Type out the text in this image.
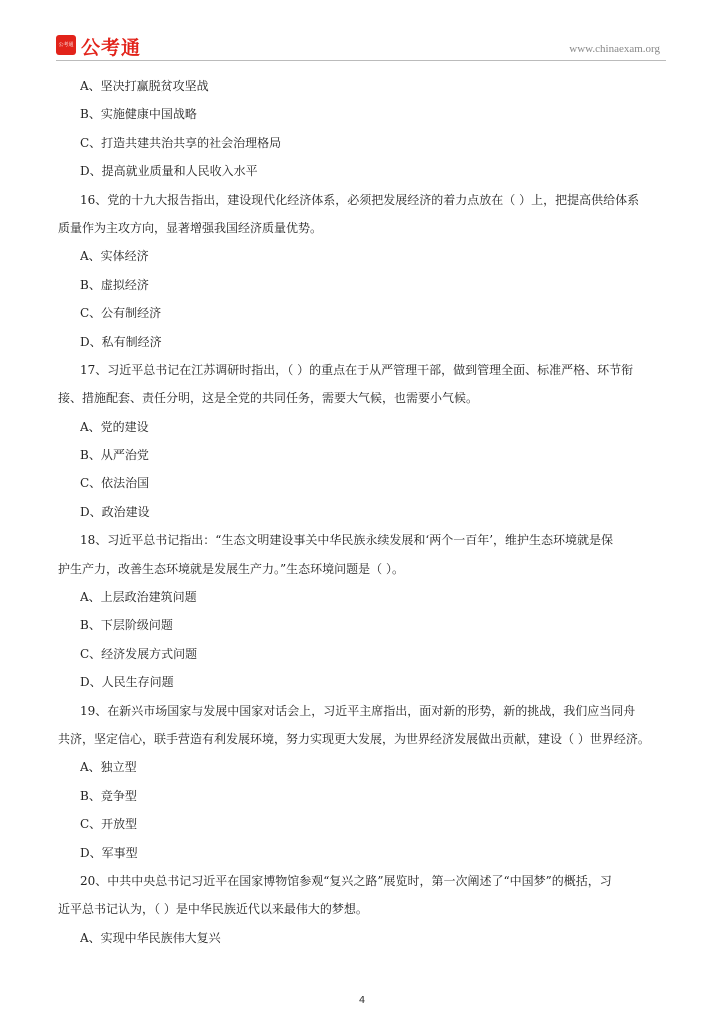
公考通 公考通	www.chinaexam.org
A、坚决打赢脱贫攻坚战
B、实施健康中国战略
C、打造共建共治共享的社会治理格局
D、提高就业质量和人民收入水平
16、党的十九大报告指出，建设现代化经济体系，必须把发展经济的着力点放在（ ）上，把提高供给体系
质量作为主攻方向，显著增强我国经济质量优势。
A、实体经济
B、虚拟经济
C、公有制经济
D、私有制经济
17、习近平总书记在江苏调研时指出，（ ）的重点在于从严管理干部，做到管理全面、标准严格、环节衔
接、措施配套、责任分明，这是全党的共同任务，需要大气候，也需要小气候。
A、党的建设
B、从严治党
C、依法治国
D、政治建设
18、习近平总书记指出：“生态文明建设事关中华民族永续发展和‘两个一百年’，维护生态环境就是保
护生产力，改善生态环境就是发展生产力。”生态环境问题是（ ）。
A、上层政治建筑问题
B、下层阶级问题
C、经济发展方式问题
D、人民生存问题
19、在新兴市场国家与发展中国家对话会上，习近平主席指出，面对新的形势，新的挑战，我们应当同舟
共济，坚定信心，联手营造有利发展环境，努力实现更大发展，为世界经济发展做出贡献，建设（ ）世界经济。
A、独立型
B、竞争型
C、开放型
D、军事型
20、中共中央总书记习近平在国家博物馆参观“复兴之路”展览时，第一次阐述了“中国梦”的概括，习
近平总书记认为，（ ）是中华民族近代以来最伟大的梦想。
A、实现中华民族伟大复兴
4
